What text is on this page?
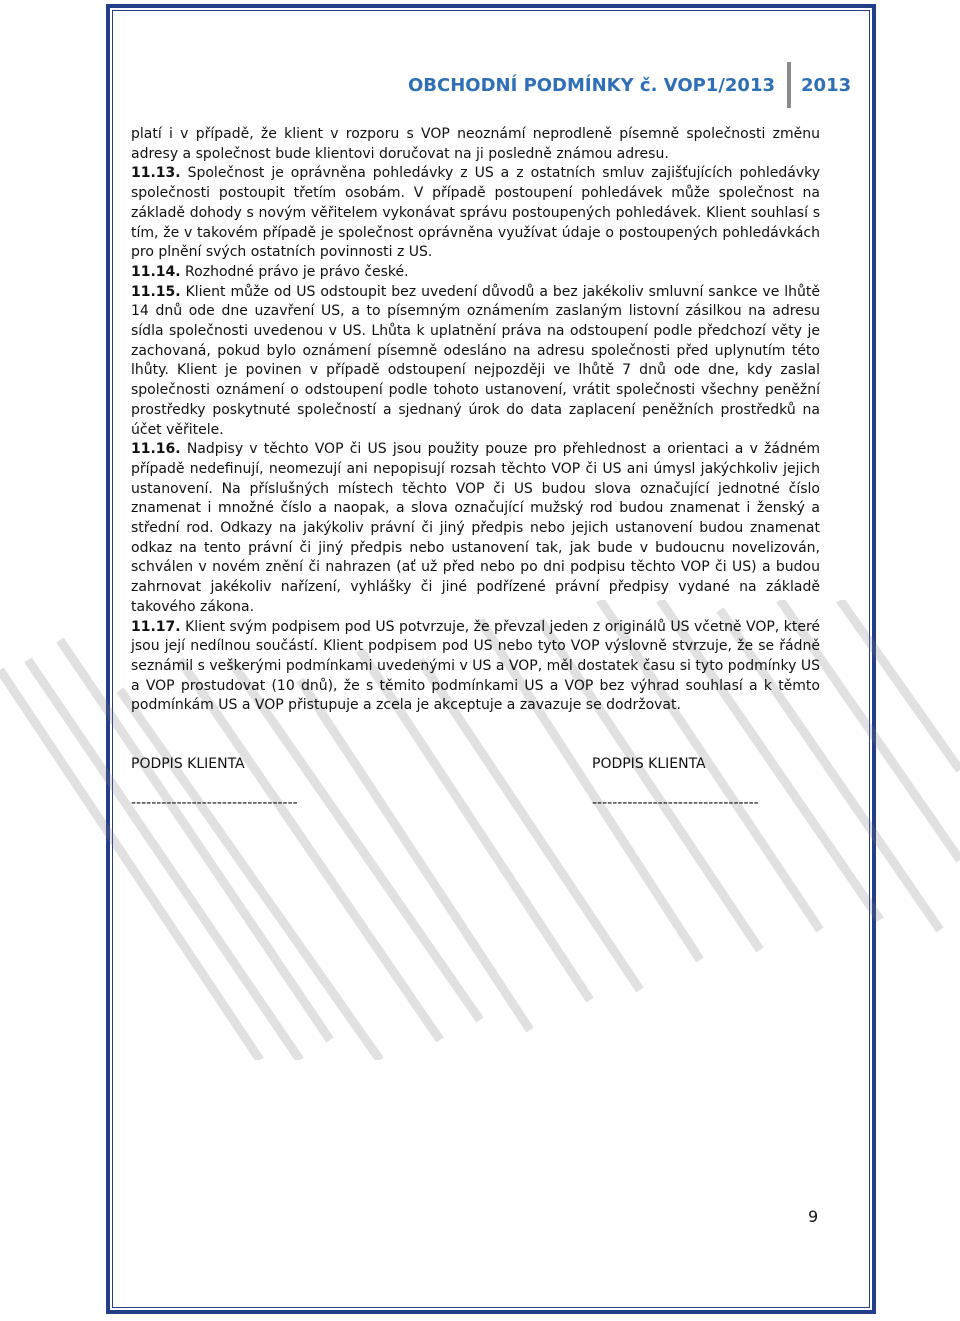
OBCHODNÍ PODMÍNKY č. VOP1/2013	2013

platí i v případě, že klient v rozporu s VOP neoznámí neprodleně písemně společnosti změnu adresy a společnost bude klientovi doručovat na ji posledně známou adresu.

11.13. Společnost je oprávněna pohledávky z US a z ostatních smluv zajišťujících pohledávky společnosti postoupit třetím osobám. V případě postoupení pohledávek může společnost na základě dohody s novým věřitelem vykonávat správu postoupených pohledávek. Klient souhlasí s tím, že v takovém případě je společnost oprávněna využívat údaje o postoupených pohledávkách pro plnění svých ostatních povinnosti z US.

11.14. Rozhodné právo je právo české.

11.15. Klient může od US odstoupit bez uvedení důvodů a bez jakékoliv smluvní sankce ve lhůtě 14 dnů ode dne uzavření US, a to písemným oznámením zaslaným listovní zásilkou na adresu sídla společnosti uvedenou v US. Lhůta k uplatnění práva na odstoupení podle předchozí věty je zachovaná, pokud bylo oznámení písemně odesláno na adresu společnosti před uplynutím této lhůty. Klient je povinen v případě odstoupení nejpozději ve lhůtě 7 dnů ode dne, kdy zaslal společnosti oznámení o odstoupení podle tohoto ustanovení, vrátit společnosti všechny peněžní prostředky poskytnuté společností a sjednaný úrok do data zaplacení peněžních prostředků na účet věřitele.

11.16. Nadpisy v těchto VOP či US jsou použity pouze pro přehlednost a orientaci a v žádném případě nedefinují, neomezují ani nepopisují rozsah těchto VOP či US ani úmysl jakýchkoliv jejich ustanovení. Na příslušných místech těchto VOP či US budou slova označující jednotné číslo znamenat i množné číslo a naopak, a slova označující mužský rod budou znamenat i ženský a střední rod. Odkazy na jakýkoliv právní či jiný předpis nebo jejich ustanovení budou znamenat odkaz na tento právní či jiný předpis nebo ustanovení tak, jak bude v budoucnu novelizován, schválen v novém znění či nahrazen (ať už před nebo po dni podpisu těchto VOP či US) a budou zahrnovat jakékoliv nařízení, vyhlášky či jiné podřízené právní předpisy vydané na základě takového zákona.

11.17. Klient svým podpisem pod US potvrzuje, že převzal jeden z originálů US včetně VOP, které jsou její nedílnou součástí. Klient podpisem pod US nebo tyto VOP výslovně stvrzuje, že se řádně seznámil s veškerými podmínkami uvedenými v US a VOP, měl dostatek času si tyto podmínky US a VOP prostudovat (10 dnů), že s těmito podmínkami US a VOP bez výhrad souhlasí a k těmto podmínkám US a VOP přistupuje a zcela je akceptuje a zavazuje se dodržovat.

PODPIS KLIENTA	PODPIS KLIENTA
---------------------------------	---------------------------------
9
